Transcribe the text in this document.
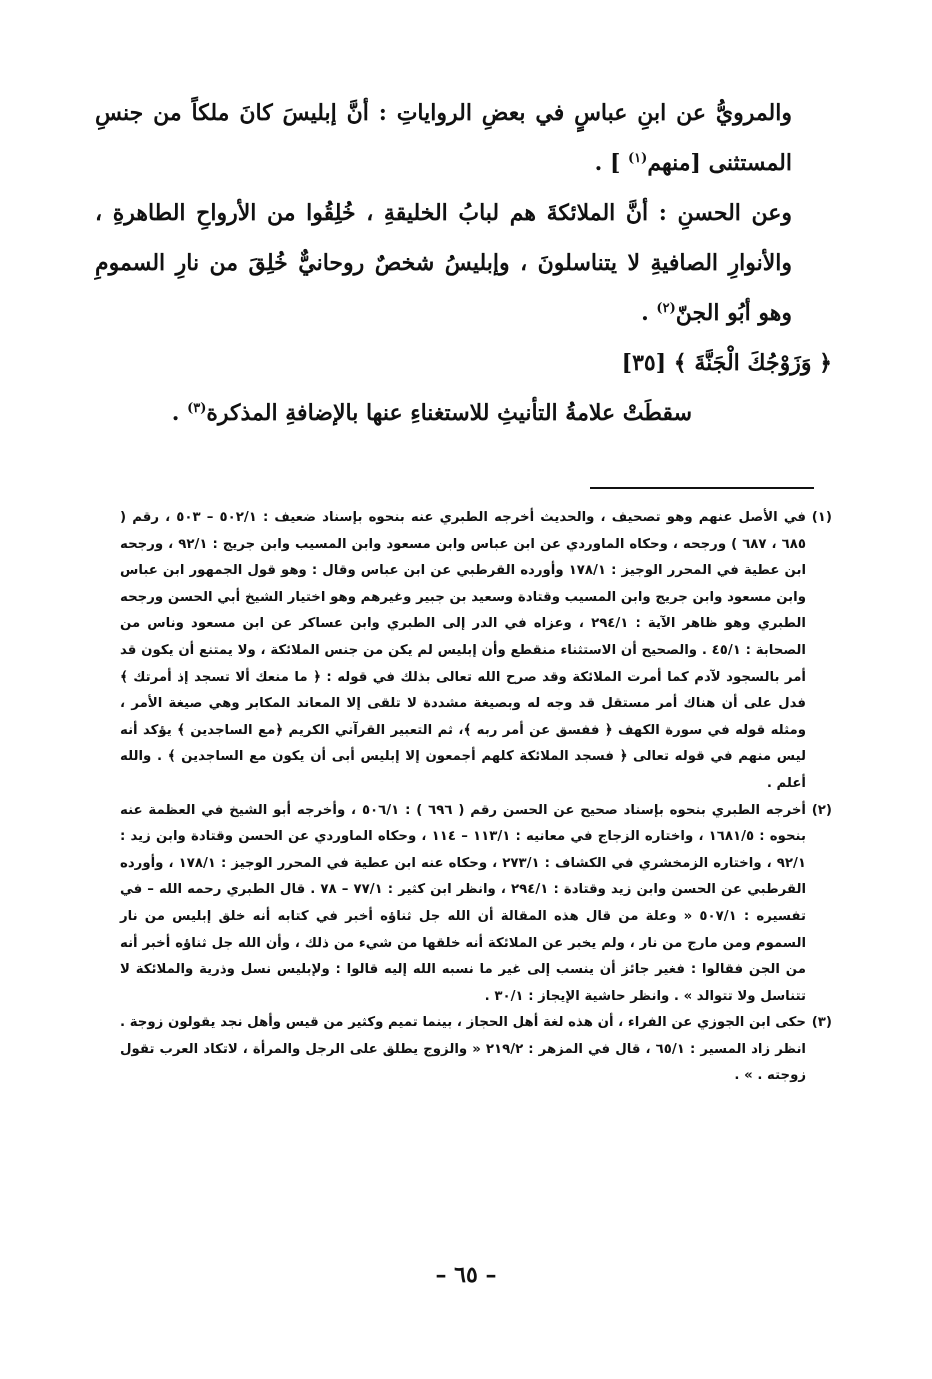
والمرويُّ عن ابنِ عباسٍ في بعضِ الرواياتِ : أنَّ إبليسَ كانَ ملكاً من جنسِ المستثنى [منهم$^{(١)}$ ] .

وعن الحسنِ : أنَّ الملائكةَ هم لبابُ الخليقةِ ، خُلِقُوا من الأرواحِ الطاهرةِ ، والأنوارِ الصافيةِ لا يتناسلونَ ، وإبليسُ شخصٌ روحانيٌّ خُلِقَ من نارِ السمومِ وهو أبُو الجنّ$^{(٢)}$ .

﴿ وَزَوْجُكَ الْجَنَّةَ ﴾ [٣٥]

سقطَتْ علامةُ التأنيثِ للاستغناءِ عنها بالإضافةِ المذكرة$^{(٣)}$ .

(١)
في الأصل عنهم وهو تصحيف ، والحديث أخرجه الطبري عنه بنحوه بإسناد ضعيف : ٥٠٢/١ – ٥٠٣ ، رقم ( ٦٨٥ ، ٦٨٧ ) ورجحه ، وحكاه الماوردي عن ابن عباس وابن مسعود وابن المسيب وابن جريج : ٩٢/١ ، ورجحه ابن عطية في المحرر الوجيز : ١٧٨/١ وأورده القرطبي عن ابن عباس وقال : وهو قول الجمهور ابن عباس وابن مسعود وابن جريج وابن المسيب وقتادة وسعيد بن جبير وغيرهم وهو اختيار الشيخ أبي الحسن ورجحه الطبري وهو ظاهر الآية : ٢٩٤/١ ، وعزاه في الدر إلى الطبري وابن عساكر عن ابن مسعود وناس من الصحابة : ٤٥/١ . والصحيح أن الاستثناء منقطع وأن إبليس لم يكن من جنس الملائكة ، ولا يمتنع أن يكون قد أمر بالسجود لآدم كما أمرت الملائكة وقد صرح الله تعالى بذلك في قوله : ﴿ ما منعك ألا تسجد إذ أمرتك ﴾ فدل على أن هناك أمر مستقل قد وجه له وبصيغة مشددة لا تلقى إلا المعاند المكابر وهي صيغة الأمر ، ومثله قوله في سورة الكهف ﴿ ففسق عن أمر ربه ﴾، ثم التعبير القرآني الكريم ﴿مع الساجدين ﴾ يؤكد أنه ليس منهم في قوله تعالى ﴿ فسجد الملائكة كلهم أجمعون إلا إبليس أبى أن يكون مع الساجدين ﴾ . والله أعلم .

(٢)
أخرجه الطبري بنحوه بإسناد صحيح عن الحسن رقم ( ٦٩٦ ) : ٥٠٦/١ ، وأخرجه أبو الشيخ في العظمة عنه بنحوه : ١٦٨١/٥ ، واختاره الزجاج في معانيه : ١١٣/١ – ١١٤ ، وحكاه الماوردي عن الحسن وقتادة وابن زيد : ٩٢/١ ، واختاره الزمخشري في الكشاف : ٢٧٣/١ ، وحكاه عنه ابن عطية في المحرر الوجيز : ١٧٨/١ ، وأورده القرطبي عن الحسن وابن زيد وقتادة : ٢٩٤/١ ، وانظر ابن كثير : ٧٧/١ – ٧٨ . قال الطبري رحمه الله – في تفسيره : ٥٠٧/١ « وعلة من قال هذه المقالة أن الله جل ثناؤه أخبر في كتابه أنه خلق إبليس من نار السموم ومن مارج من نار ، ولم يخبر عن الملائكة أنه خلقها من شيء من ذلك ، وأن الله جل ثناؤه أخبر أنه من الجن فقالوا : فغير جائز أن ينسب إلى غير ما نسبه الله إليه قالوا : ولإبليس نسل وذرية والملائكة لا تتناسل ولا تتوالد » . وانظر حاشية الإيجاز : ٣٠/١ .

(٣)
حكى ابن الجوزي عن الفراء ، أن هذه لغة أهل الحجاز ، بينما تميم وكثير من قيس وأهل نجد يقولون زوجة . انظر زاد المسير : ٦٥/١ ، قال في المزهر : ٢١٩/٢ « والزوج يطلق على الرجل والمرأة ، لاتكاد العرب تقول زوجته . » .

– ٦٥ –
